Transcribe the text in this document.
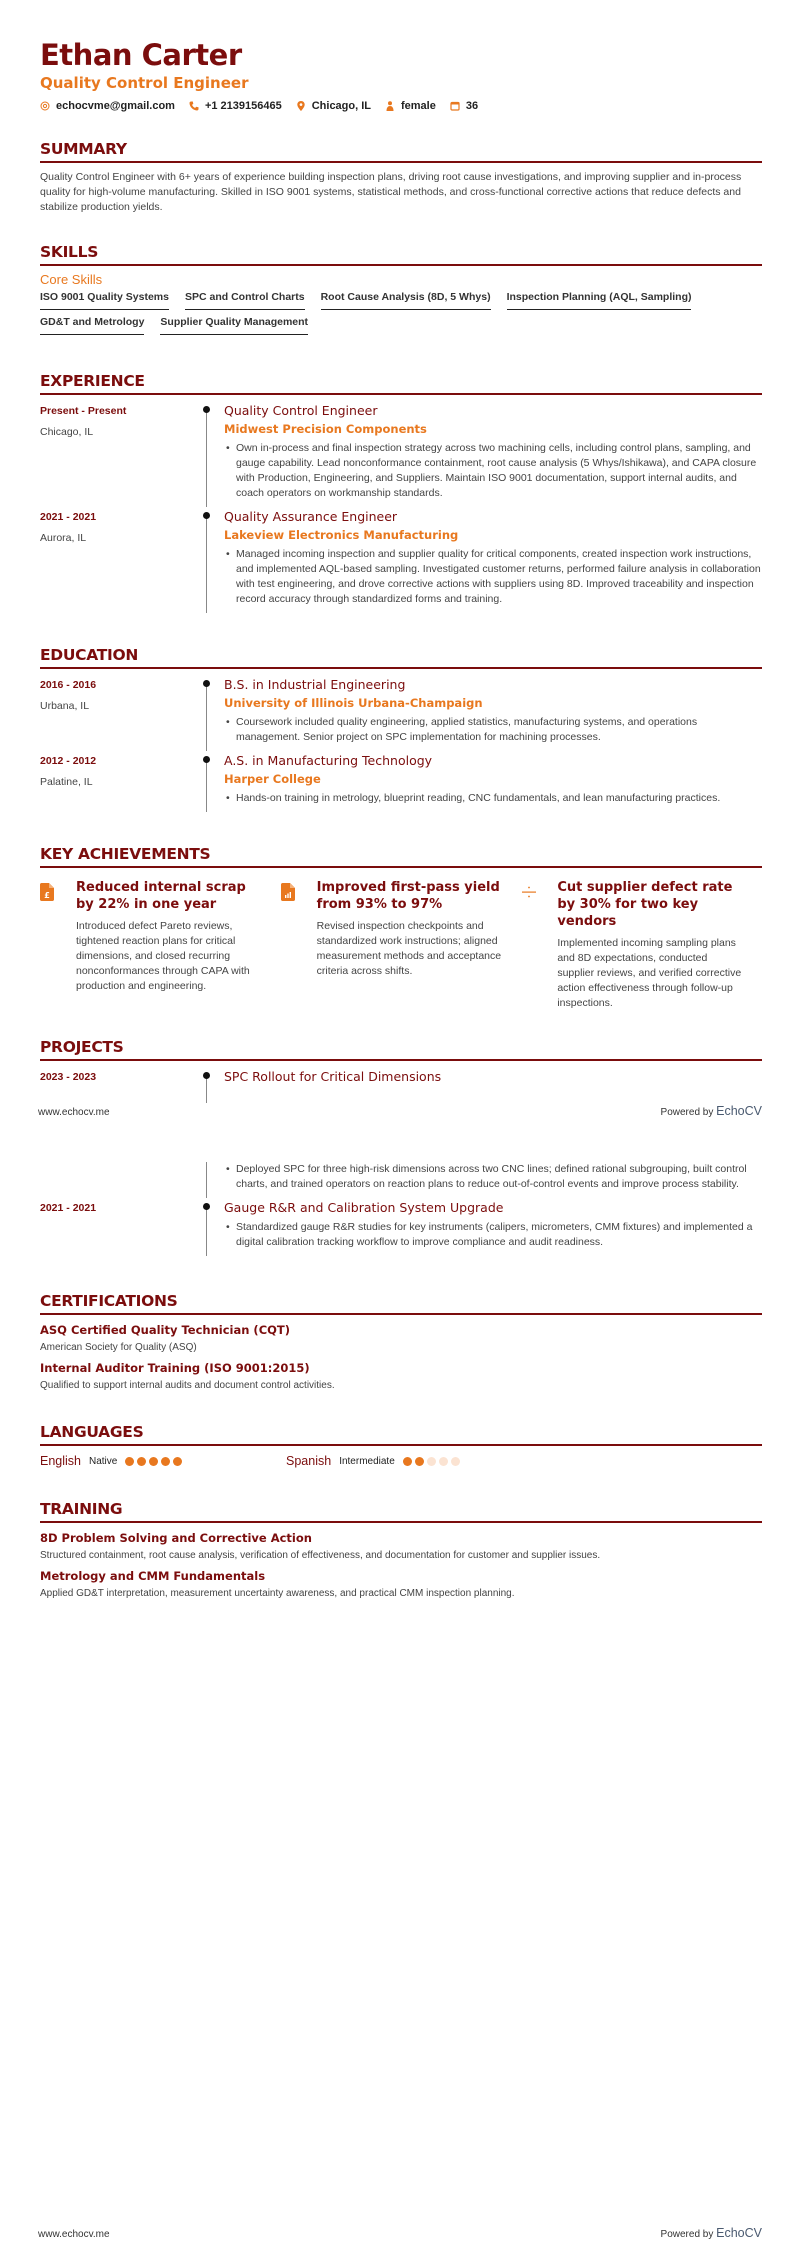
Ethan Carter
Quality Control Engineer
echocvme@gmail.com	+1 2139156465	Chicago, IL	female	36
SUMMARY
Quality Control Engineer with 6+ years of experience building inspection plans, driving root cause investigations, and improving supplier and in-process quality for high-volume manufacturing. Skilled in ISO 9001 systems, statistical methods, and cross-functional corrective actions that reduce defects and stabilize production yields.
SKILLS
Core Skills
ISO 9001 Quality Systems SPC and Control Charts Root Cause Analysis (8D, 5 Whys) Inspection Planning (AQL, Sampling)
GD&T and Metrology Supplier Quality Management
EXPERIENCE
Present - Present
Chicago, IL
Quality Control Engineer
Midwest Precision Components
• Own in-process and final inspection strategy across two machining cells, including control plans, sampling, and gauge capability. Lead nonconformance containment, root cause analysis (5 Whys/Ishikawa), and CAPA closure with Production, Engineering, and Suppliers. Maintain ISO 9001 documentation, support internal audits, and coach operators on workmanship standards.
2021 - 2021
Aurora, IL
Quality Assurance Engineer
Lakeview Electronics Manufacturing
• Managed incoming inspection and supplier quality for critical components, created inspection work instructions, and implemented AQL-based sampling. Investigated customer returns, performed failure analysis in collaboration with test engineering, and drove corrective actions with suppliers using 8D. Improved traceability and inspection record accuracy through standardized forms and training.
EDUCATION
2016 - 2016
Urbana, IL
B.S. in Industrial Engineering
University of Illinois Urbana-Champaign
• Coursework included quality engineering, applied statistics, manufacturing systems, and operations management. Senior project on SPC implementation for machining processes.
2012 - 2012
Palatine, IL
A.S. in Manufacturing Technology
Harper College
• Hands-on training in metrology, blueprint reading, CNC fundamentals, and lean manufacturing practices.
KEY ACHIEVEMENTS
£
Reduced internal scrap by 22% in one year
Introduced defect Pareto reviews, tightened reaction plans for critical dimensions, and closed recurring nonconformances through CAPA with production and engineering.
Improved first-pass yield from 93% to 97%
Revised inspection checkpoints and standardized work instructions; aligned measurement methods and acceptance criteria across shifts.
Cut supplier defect rate by 30% for two key vendors
Implemented incoming sampling plans and 8D expectations, conducted supplier reviews, and verified corrective action effectiveness through follow-up inspections.
PROJECTS
2023 - 2023	SPC Rollout for Critical Dimensions
www.echocv.me	Powered by EchoCV
• Deployed SPC for three high-risk dimensions across two CNC lines; defined rational subgrouping, built control charts, and trained operators on reaction plans to reduce out-of-control events and improve process stability.
2021 - 2021	Gauge R&R and Calibration System Upgrade
• Standardized gauge R&R studies for key instruments (calipers, micrometers, CMM fixtures) and implemented a digital calibration tracking workflow to improve compliance and audit readiness.
CERTIFICATIONS
ASQ Certified Quality Technician (CQT)
American Society for Quality (ASQ)
Internal Auditor Training (ISO 9001:2015)
Qualified to support internal audits and document control activities.
LANGUAGES
English Native	Spanish Intermediate
TRAINING
8D Problem Solving and Corrective Action
Structured containment, root cause analysis, verification of effectiveness, and documentation for customer and supplier issues.
Metrology and CMM Fundamentals
Applied GD&T interpretation, measurement uncertainty awareness, and practical CMM inspection planning.
www.echocv.me	Powered by EchoCV
